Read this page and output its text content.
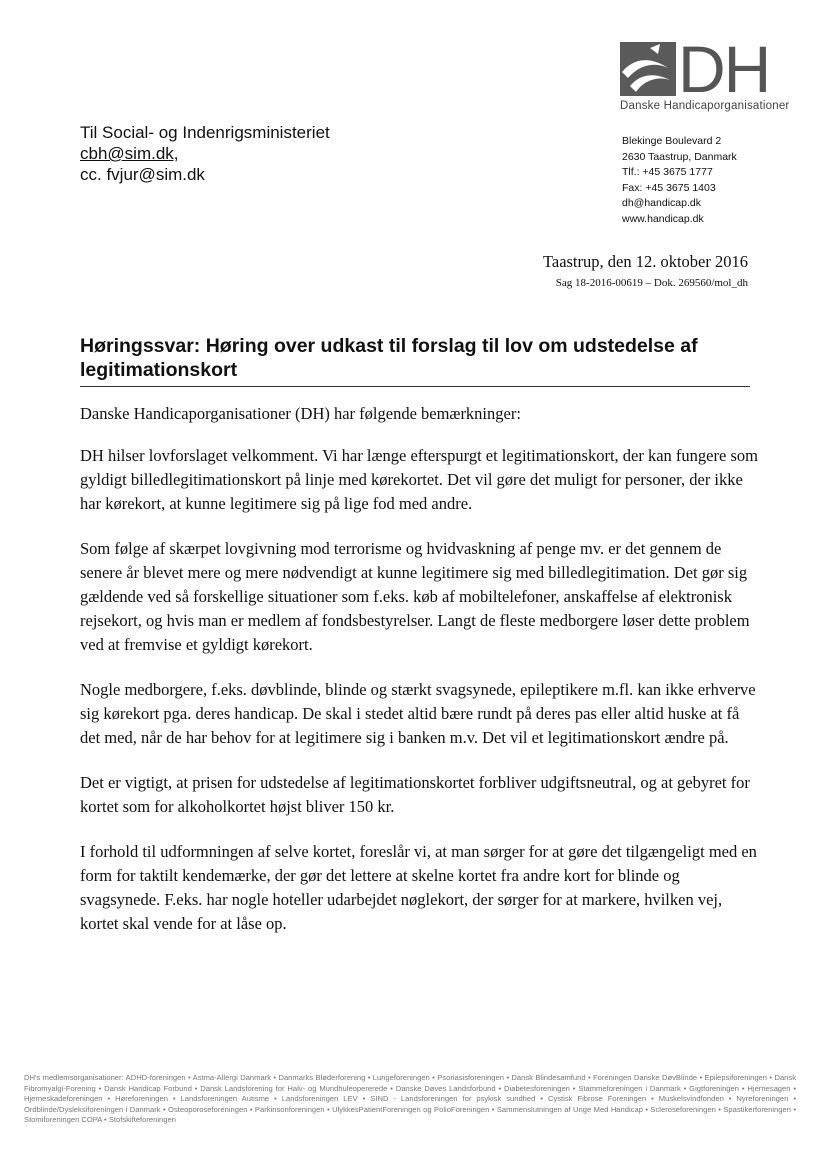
DH
Danske Handicaporganisationer
Til Social- og Indenrigsministeriet
cbh@sim.dk,
cc. fvjur@sim.dk
Blekinge Boulevard 2
2630 Taastrup, Danmark
Tlf.: +45 3675 1777
Fax: +45 3675 1403
dh@handicap.dk
www.handicap.dk
Taastrup, den 12. oktober 2016
Sag 18-2016-00619 – Dok. 269560/mol_dh
Høringssvar: Høring over udkast til forslag til lov om udstedelse af legitimationskort

Danske Handicaporganisationer (DH) har følgende bemærkninger:

DH hilser lovforslaget velkomment. Vi har længe efterspurgt et legitimationskort, der kan fungere som gyldigt billedlegitimationskort på linje med kørekortet. Det vil gøre det muligt for personer, der ikke har kørekort, at kunne legitimere sig på lige fod med andre.

Som følge af skærpet lovgivning mod terrorisme og hvidvaskning af penge mv. er det gennem de senere år blevet mere og mere nødvendigt at kunne legitimere sig med billedlegitimation. Det gør sig gældende ved så forskellige situationer som f.eks. køb af mobiltelefoner, anskaffelse af elektronisk rejsekort, og hvis man er medlem af fondsbestyrelser. Langt de fleste medborgere løser dette problem ved at fremvise et gyldigt kørekort.

Nogle medborgere, f.eks. døvblinde, blinde og stærkt svagsynede, epileptikere m.fl. kan ikke erhverve sig kørekort pga. deres handicap. De skal i stedet altid bære rundt på deres pas eller altid huske at få det med, når de har behov for at legitimere sig i banken m.v. Det vil et legitimationskort ændre på.

Det er vigtigt, at prisen for udstedelse af legitimationskortet forbliver udgiftsneutral, og at gebyret for kortet som for alkoholkortet højst bliver 150 kr.

I forhold til udformningen af selve kortet, foreslår vi, at man sørger for at gøre det tilgængeligt med en form for taktilt kendemærke, der gør det lettere at skelne kortet fra andre kort for blinde og svagsynede. F.eks. har nogle hoteller udarbejdet nøglekort, der sørger for at markere, hvilken vej, kortet skal vende for at låse op.

DH's medlemsorganisationer: ADHD-foreningen • Astma-Allergi Danmark • Danmarks Bløderforening • Lungeforeningen • Psoriasisforeningen • Dansk Blindesamfund • Foreningen Danske DøvBlinde • Epilepsiforeningen • Dansk Fibromyalgi-Forening • Dansk Handicap Forbund • Dansk Landsforening for Halv- og Mundhuleopererede • Danske Døves Landsforbund • Diabetesforeningen • Stammeforeningen i Danmark • Gigtforeningen • Hjernesagen • Hjerneskadeforeningen • Høreforeningen • Landsforeningen Autisme • Landsforeningen LEV • SIND - Landsforeningen for psykisk sundhed • Cystisk Fibrose Foreningen • Muskelsvindfonden • Nyreforeningen • Ordblinde/Dysleksiforeningen i Danmark • Osteoporoseforeningen • Parkinsonforeningen • UlykkesPatientForeningen og PolioForeningen • Sammenslutningen af Unge Med Handicap • Scleroseforeningen • Spastikerforeningen • Stomiforeningen COPA • Stofskifteforeningen
